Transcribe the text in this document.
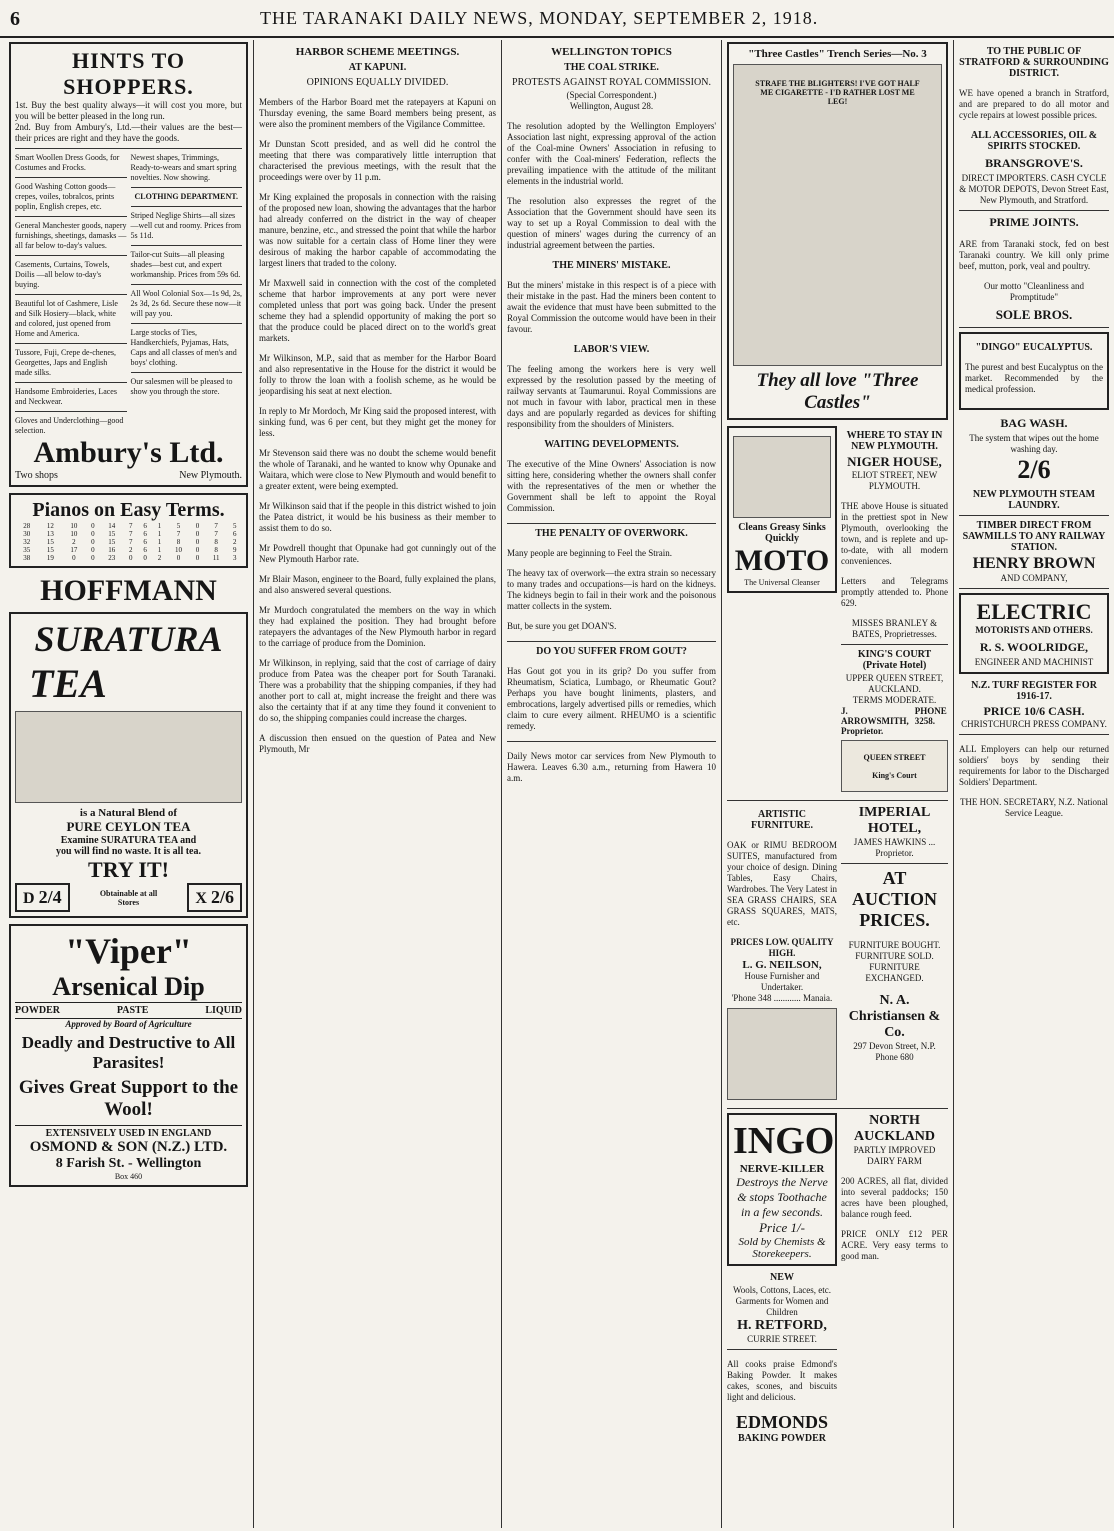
6	THE TARANAKI DAILY NEWS, MONDAY, SEPTEMBER 2, 1918.
HINTS TO SHOPPERS.
1st. Buy the best quality always—it will cost you more, but you will be better pleased in the long run.
2nd. Buy from Ambury's, Ltd.—their values are the best—their prices are right and they have the goods.
Smart Woollen Dress Goods, for Costumes and Frocks.
Good Washing Cotton goods—crepes, voiles, tobralcos, prints poplin, English crepes, etc.
General Manchester goods, napery furnishings, sheetings, damasks —all far below to-day's values.
Casements, Curtains, Towels, Doilis —all below to-day's buying.
Beautiful lot of Cashmere, Lisle and Silk Hosiery—black, white and colored, just opened from Home and America.
Tussore, Fuji, Crepe de-chenes, Georgettes, Japs and English made silks.
Handsome Embroideries, Laces and Neckwear.
Gloves and Underclothing—good selection.
Newest shapes, Trimmings, Ready-to-wears and smart spring novelties. Now showing.
CLOTHING DEPARTMENT.
Striped Neglige Shirts—all sizes—well cut and roomy. Prices from 5s 11d.
Tailor-cut Suits—all pleasing shades—best cut, and expert workmanship. Prices from 59s 6d.
All Wool Colonial Sox—1s 9d, 2s, 2s 3d, 2s 6d. Secure these now—it will pay you.
Large stocks of Ties, Handkerchiefs, Pyjamas, Hats, Caps and all classes of men's and boys' clothing.
Our salesmen will be pleased to show you through the store.
Ambury's Ltd.
Two shops	New Plymouth.
Pianos on Easy Terms.
28	12	10	0	14	7	6	1	5	0	7	5
30	13	10	0	15	7	6	1	7	0	7	6
32	15	2	0	15	7	6	1	8	0	8	2
35	15	17	0	16	2	6	1	10	0	8	9
38	19	0	0	23	0	0	2	0	0	11	3
HOFFMANN
SURATURA
TEA
is a Natural Blend of
PURE CEYLON TEA
Examine SURATURA TEA and
you will find no waste. It is all tea.
TRY IT!
D 2/4	Obtainable at all Stores	X 2/6
"Viper"
Arsenical Dip
POWDER	PASTE	LIQUID
Approved by Board of Agriculture
Deadly and Destructive to All Parasites!
Gives Great Support to the Wool!
EXTENSIVELY USED IN ENGLAND
OSMOND & SON (N.Z.) LTD.
8 Farish St. - Wellington
Box 460
HARBOR SCHEME MEETINGS.
AT KAPUNI.
OPINIONS EQUALLY DIVIDED.

Members of the Harbor Board met the ratepayers at Kapuni on Thursday evening, the same Board members being present, as were also the prominent members of the Vigilance Committee.

Mr Dunstan Scott presided, and as well did he control the meeting that there was comparatively little interruption that characterised the previous meetings, with the result that the proceedings were over by 11 p.m.

Mr King explained the proposals in connection with the raising of the proposed new loan, showing the advantages that the harbor had already conferred on the district in the way of cheaper manure, benzine, etc., and stressed the point that while the harbor was now suitable for a certain class of Home liner they were desirous of making the harbor capable of accommodating the largest liners that traded to the colony.

Mr Maxwell said in connection with the cost of the completed scheme that harbor improvements at any port were never completed unless that port was going back. Under the present scheme they had a splendid opportunity of making the port so that the produce could be placed direct on to the world's great markets.

Mr Wilkinson, M.P., said that as member for the Harbor Board and also representative in the House for the district it would be folly to throw the loan with a foolish scheme, as he would be jeopardising his seat at next election.

In reply to Mr Mordoch, Mr King said the proposed interest, with sinking fund, was 6 per cent, but they might get the money for less.

Mr Stevenson said there was no doubt the scheme would benefit the whole of Taranaki, and he wanted to know why Opunake and Waitara, which were close to New Plymouth and would benefit to a greater extent, were being exempted.

Mr Wilkinson said that if the people in this district wished to join the Patea district, it would be his business as their member to assist them to do so.

Mr Powdrell thought that Opunake had got cunningly out of the New Plymouth Harbor rate.

Mr Blair Mason, engineer to the Board, fully explained the plans, and also answered several questions.

Mr Murdoch congratulated the members on the way in which they had explained the position. They had brought before ratepayers the advantages of the New Plymouth harbor in regard to the carriage of produce from the Dominion.

Mr Wilkinson, in replying, said that the cost of carriage of dairy produce from Patea was the cheaper port for South Taranaki. There was a probability that the shipping companies, if they had another port to call at, might increase the freight and there was also the certainty that if at any time they found it convenient to do so, the shipping companies could increase the charges.

A discussion then ensued on the question of Patea and New Plymouth, Mr

WELLINGTON TOPICS
THE COAL STRIKE.
PROTESTS AGAINST ROYAL COMMISSION.
(Special Correspondent.)
Wellington, August 28.

The resolution adopted by the Wellington Employers' Association last night, expressing approval of the action of the Coal-mine Owners' Association in refusing to confer with the Coal-miners' Federation, reflects the prevailing impatience with the attitude of the militant elements in the industrial world.

The resolution also expresses the regret of the Association that the Government should have seen its way to set up a Royal Commission to deal with the question of miners' wages during the currency of an industrial agreement between the parties.

THE MINERS' MISTAKE.

But the miners' mistake in this respect is of a piece with their mistake in the past. Had the miners been content to await the evidence that must have been submitted to the Royal Commission the outcome would have been in their favour.

LABOR'S VIEW.

The feeling among the workers here is very well expressed by the resolution passed by the meeting of railway servants at Taumarunui. Royal Commissions are not much in favour with labor, practical men in these days and are popularly regarded as devices for shifting responsibility from the shoulders of Ministers.

WAITING DEVELOPMENTS.

The executive of the Mine Owners' Association is now sitting here, considering whether the owners shall confer with the representatives of the men or whether the Government shall be left to appoint the Royal Commission.

THE PENALTY OF OVERWORK.

Many people are beginning to Feel the Strain.

The heavy tax of overwork—the extra strain so necessary to many trades and occupations—is hard on the kidneys. The kidneys begin to fail in their work and the poisonous matter collects in the system.

But, be sure you get DOAN'S.

DO YOU SUFFER FROM GOUT?

Has Gout got you in its grip? Do you suffer from Rheumatism, Sciatica, Lumbago, or Rheumatic Gout? Perhaps you have bought liniments, plasters, and embrocations, largely advertised pills or remedies, which claim to cure every ailment. RHEUMO is a scientific remedy.

Daily News motor car services from New Plymouth to Hawera. Leaves 6.30 a.m., returning from Hawera 10 a.m.

"Three Castles" Trench Series—No. 3
STRAFE THE BLIGHTERS! I'VE GOT HALF ME CIGARETTE - I'D RATHER LOST ME LEG!
They all love "Three Castles"
Cleans Greasy Sinks Quickly
MOTO
The Universal Cleanser
WHERE TO STAY IN NEW PLYMOUTH.
NIGER HOUSE,
ELIOT STREET, NEW PLYMOUTH.

THE above House is situated in the prettiest spot in New Plymouth, overlooking the town, and is replete and up-to-date, with all modern conveniences.

Letters and Telegrams promptly attended to. Phone 629.

MISSES BRANLEY & BATES, Proprietresses.
KING'S COURT (Private Hotel)
UPPER QUEEN STREET, AUCKLAND.
TERMS MODERATE.
J. ARROWSMITH, Proprietor.
PHONE 3258.
QUEEN STREET
King's Court
ARTISTIC FURNITURE.

OAK or RIMU BEDROOM SUITES, manufactured from your choice of design. Dining Tables, Easy Chairs, Wardrobes. The Very Latest in SEA GRASS CHAIRS, SEA GRASS SQUARES, MATS, etc.

PRICES LOW. QUALITY HIGH.
L. G. NEILSON,
House Furnisher and Undertaker.
'Phone 348 ............ Manaia.
IMPERIAL HOTEL,
JAMES HAWKINS ... Proprietor.
AT AUCTION
PRICES.

FURNITURE BOUGHT. FURNITURE SOLD. FURNITURE EXCHANGED.

N. A. Christiansen & Co.
297 Devon Street, N.P.
Phone 680
INGO
NERVE-KILLER
Destroys the Nerve & stops Toothache in a few seconds.
Price 1/-
Sold by Chemists & Storekeepers.
NEW
Wools, Cottons, Laces, etc.
Garments for Women and Children
H. RETFORD,
CURRIE STREET.

All cooks praise Edmond's Baking Powder. It makes cakes, scones, and biscuits light and delicious.

EDMONDS
BAKING POWDER
NORTH AUCKLAND
PARTLY IMPROVED DAIRY FARM

200 ACRES, all flat, divided into several paddocks; 150 acres have been ploughed, balance rough feed.

PRICE ONLY £12 PER ACRE. Very easy terms to good man.

TO THE PUBLIC OF STRATFORD & SURROUNDING DISTRICT.

WE have opened a branch in Stratford, and are prepared to do all motor and cycle repairs at lowest possible prices.

ALL ACCESSORIES, OIL & SPIRITS STOCKED.
BRANSGROVE'S.
DIRECT IMPORTERS. CASH CYCLE & MOTOR DEPOTS, Devon Street East, New Plymouth, and Stratford.
PRIME JOINTS.

ARE from Taranaki stock, fed on best Taranaki country. We kill only prime beef, mutton, pork, veal and poultry.

Our motto "Cleanliness and Promptitude"
SOLE BROS.
"DINGO" EUCALYPTUS.

The purest and best Eucalyptus on the market. Recommended by the medical profession.

BAG WASH.
The system that wipes out the home washing day.
2/6
NEW PLYMOUTH STEAM LAUNDRY.
TIMBER DIRECT FROM SAWMILLS TO ANY RAILWAY STATION.
HENRY BROWN
AND COMPANY,
ELECTRIC
MOTORISTS AND OTHERS.
R. S. WOOLRIDGE,
ENGINEER AND MACHINIST
N.Z. TURF REGISTER FOR 1916-17.
PRICE 10/6 CASH.
CHRISTCHURCH PRESS COMPANY.

ALL Employers can help our returned soldiers' boys by sending their requirements for labor to the Discharged Soldiers' Department.

THE HON. SECRETARY, N.Z. National Service League.
